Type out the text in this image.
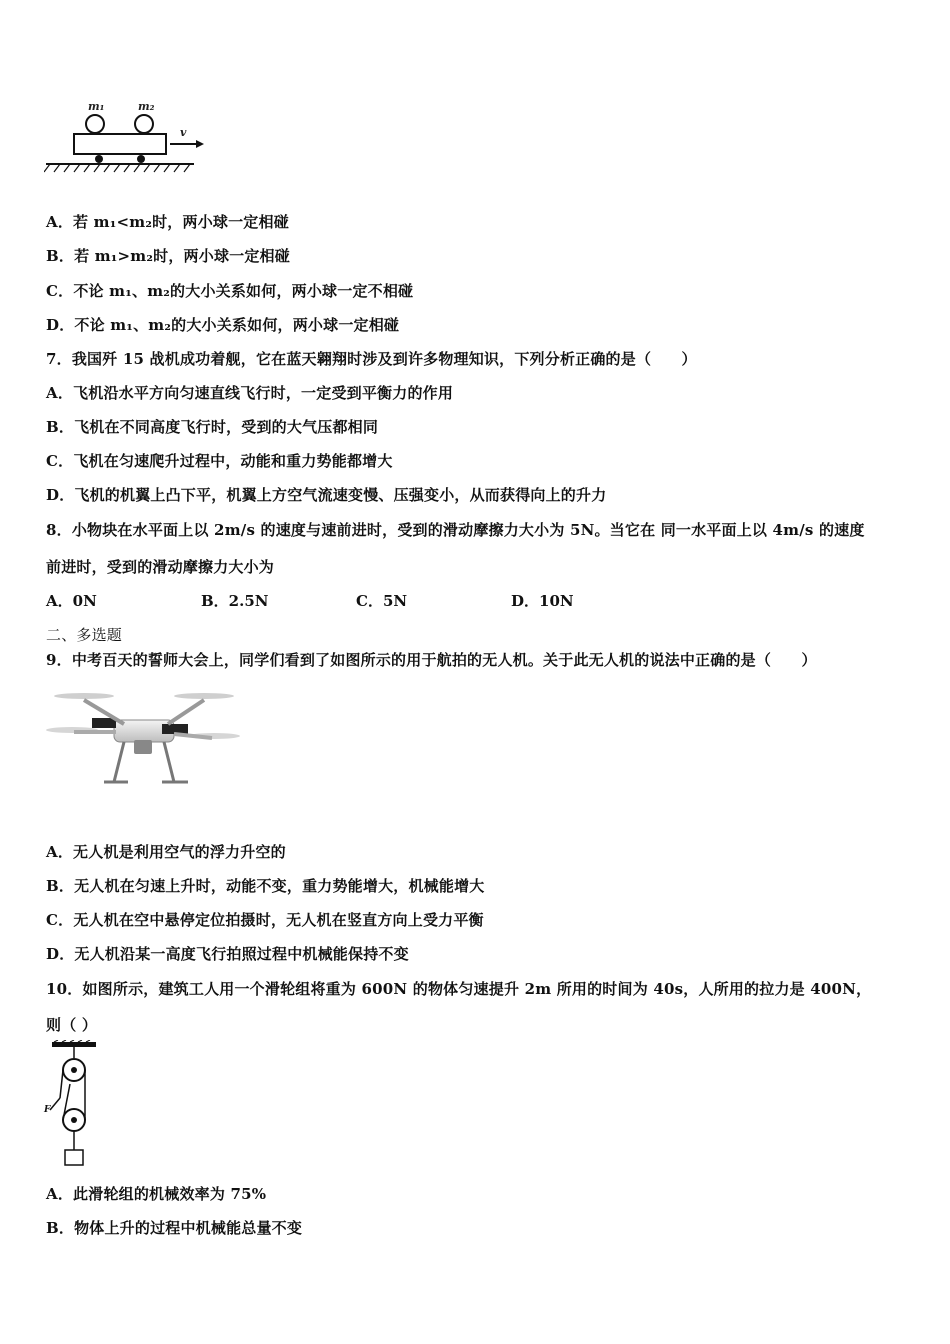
m₁	m₂
v
A．若 m₁<m₂时，两小球一定相碰
B．若 m₁>m₂时，两小球一定相碰
C．不论 m₁、m₂的大小关系如何，两小球一定不相碰
D．不论 m₁、m₂的大小关系如何，两小球一定相碰
7．我国歼 15 战机成功着舰，它在蓝天翱翔时涉及到许多物理知识，下列分析正确的是（　　）
A．飞机沿水平方向匀速直线飞行时，一定受到平衡力的作用
B．飞机在不同高度飞行时，受到的大气压都相同
C．飞机在匀速爬升过程中，动能和重力势能都增大
D．飞机的机翼上凸下平，机翼上方空气流速变慢、压强变小，从而获得向上的升力
8．小物块在水平面上以 2m/s 的速度与速前进时，受到的滑动摩擦力大小为 5N。当它在 同一水平面上以 4m/s 的速度
前进时，受到的滑动摩擦力大小为
A．0N	B．2.5N	C．5N	D．10N
二、多选题
9．中考百天的誓师大会上，同学们看到了如图所示的用于航拍的无人机。关于此无人机的说法中正确的是（　　）
A．无人机是利用空气的浮力升空的
B．无人机在匀速上升时，动能不变，重力势能增大，机械能增大
C．无人机在空中悬停定位拍摄时，无人机在竖直方向上受力平衡
D．无人机沿某一高度飞行拍照过程中机械能保持不变
10．如图所示，建筑工人用一个滑轮组将重为 600N 的物体匀速提升 2m 所用的时间为 40s，人所用的拉力是 400N，
则（ ）
F
A．此滑轮组的机械效率为 75%
B．物体上升的过程中机械能总量不变
